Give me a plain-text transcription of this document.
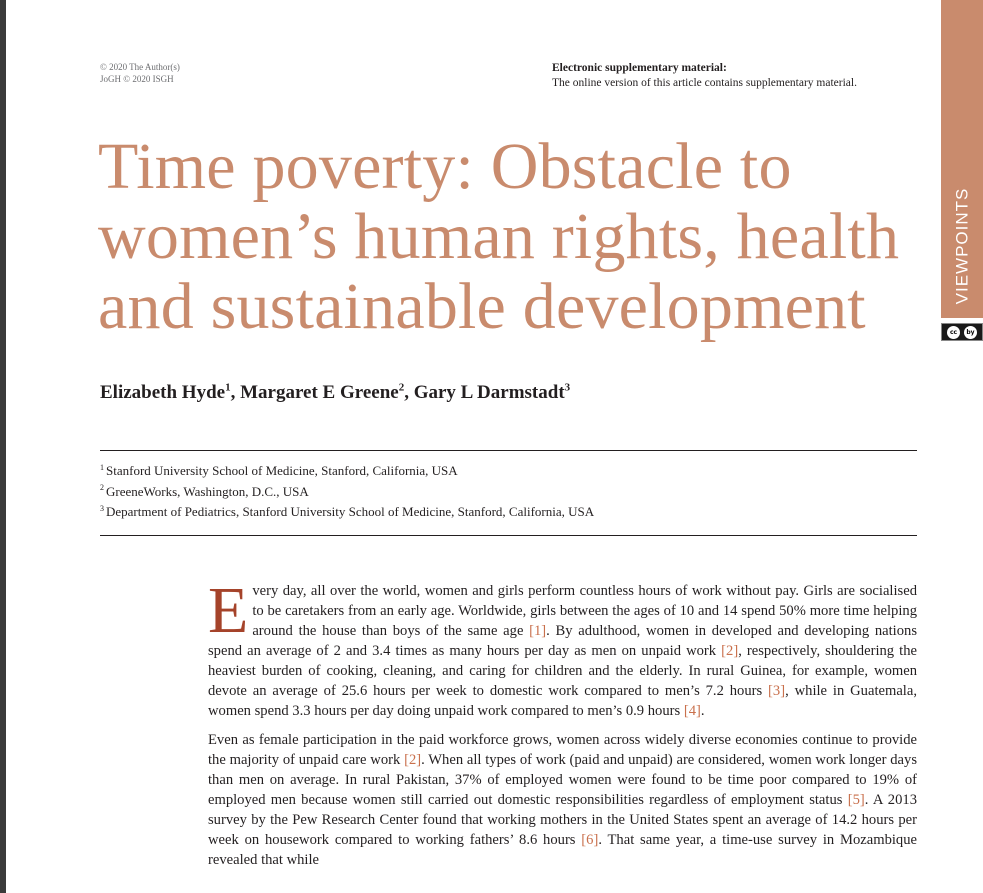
© 2020 The Author(s)
JoGH © 2020 ISGH
Electronic supplementary material:
The online version of this article contains supplementary material.
VIEWPOINTS
cc	by
Time poverty: Obstacle to
women’s human rights, health
and sustainable development
Elizabeth Hyde$^1$, Margaret E Greene$^2$, Gary L Darmstadt$^3$
$^1$ Stanford University School of Medicine, Stanford, California, USA
$^2$ GreeneWorks, Washington, D.C., USA
$^3$ Department of Pediatrics, Stanford University School of Medicine, Stanford, California, USA

Every day, all over the world, women and girls perform countless hours of work without pay. Girls are socialised to be caretakers from an early age. Worldwide, girls between the ages of 10 and 14 spend 50% more time helping around the house than boys of the same age [1]. By adulthood, women in developed and developing nations spend an average of 2 and 3.4 times as many hours per day as men on unpaid work [2], respectively, shouldering the heaviest burden of cooking, cleaning, and caring for children and the elderly. In rural Guinea, for example, women devote an average of 25.6 hours per week to domestic work compared to men’s 7.2 hours [3], while in Guatemala, women spend 3.3 hours per day doing unpaid work compared to men’s 0.9 hours [4].

Even as female participation in the paid workforce grows, women across widely diverse economies continue to provide the majority of unpaid care work [2]. When all types of work (paid and unpaid) are considered, women work longer days than men on average. In rural Pakistan, 37% of employed women were found to be time poor compared to 19% of employed men because women still carried out domestic responsibilities regardless of employment status [5]. A 2013 survey by the Pew Research Center found that working mothers in the United States spent an average of 14.2 hours per week on housework compared to working fathers’ 8.6 hours [6]. That same year, a time-use survey in Mozambique revealed that while
